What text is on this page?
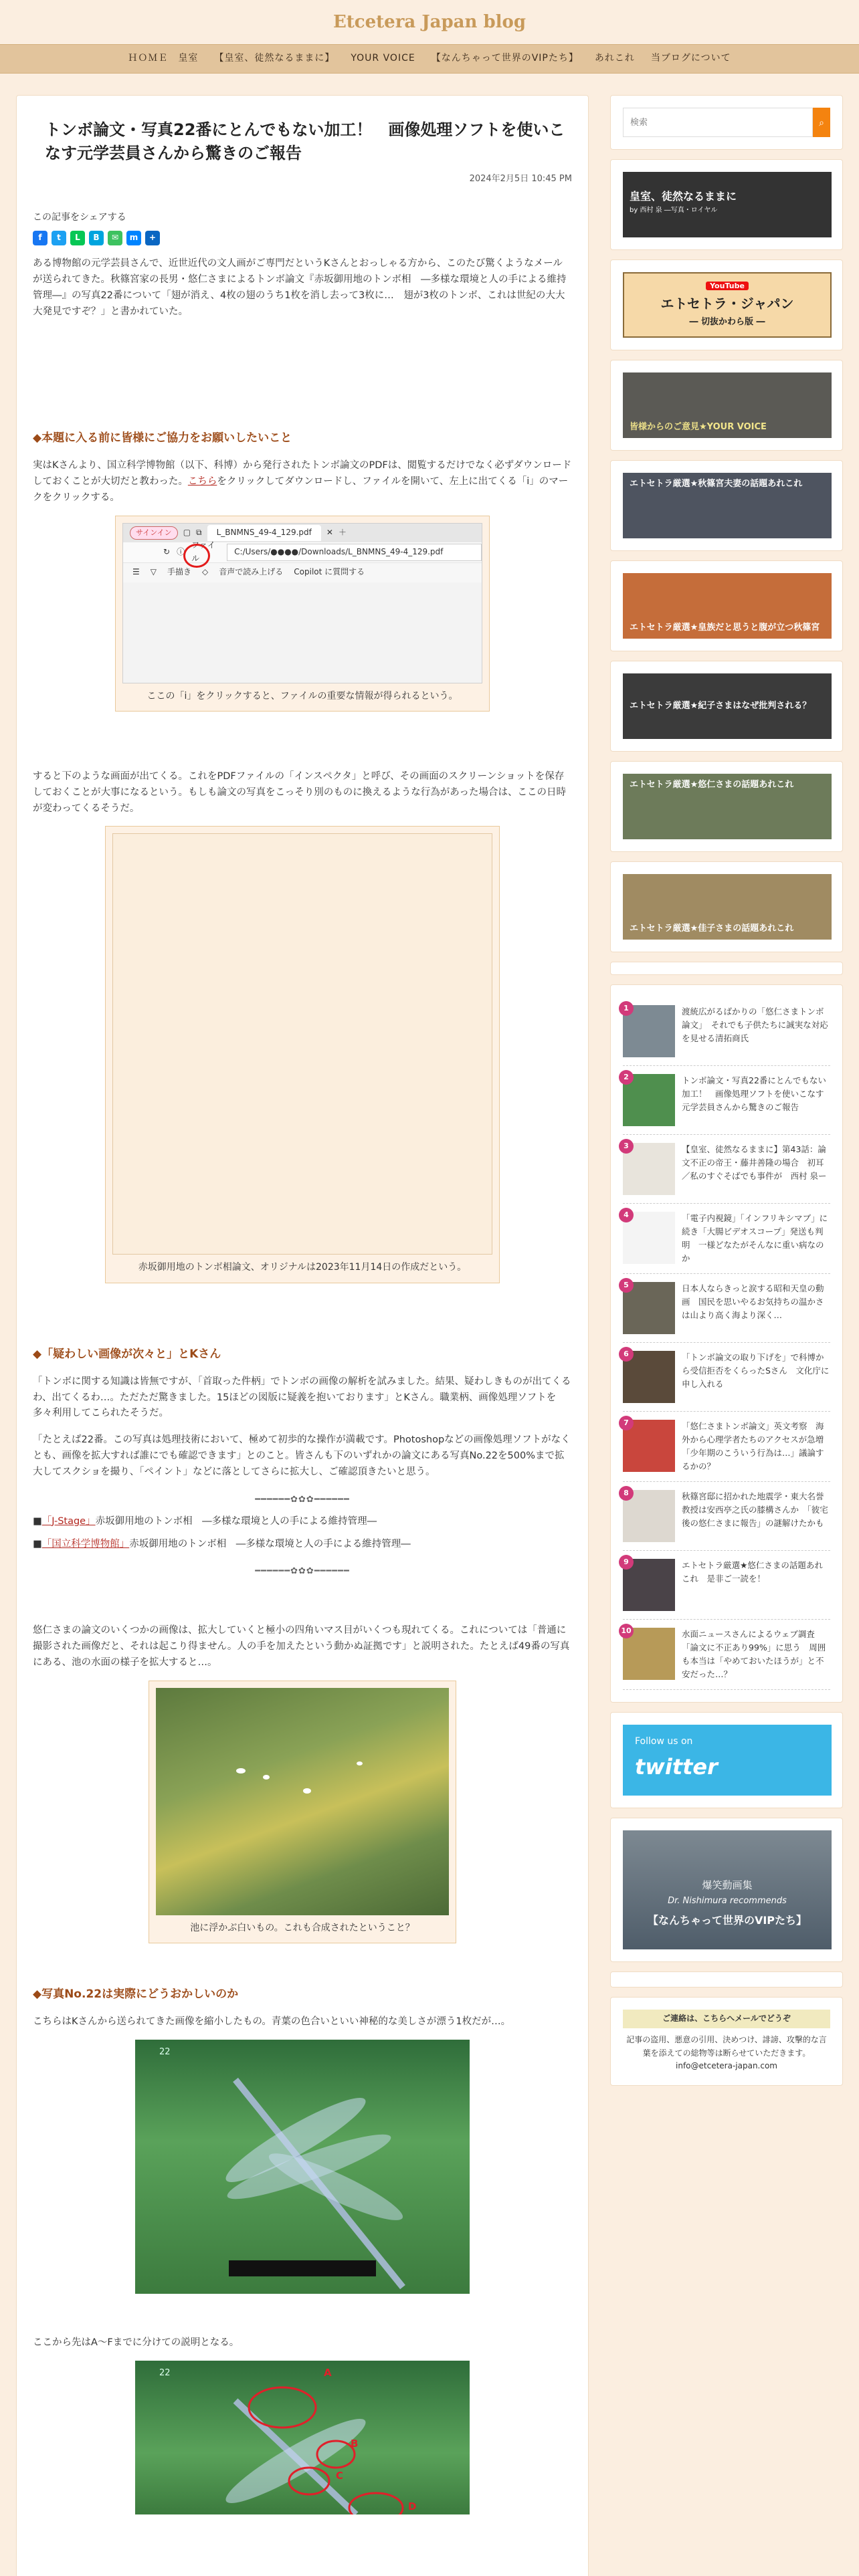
Etcetera Japan blog
ＨＯＭＥ　皇室	【皇室、徒然なるままに】	YOUR VOICE	【なんちゃって世界のVIPたち】	あれこれ	当ブログについて
トンボ論文・写真22番にとんでもない加工！　画像処理ソフトを使いこなす元学芸員さんから驚きのご報告
2024年2月5日 10:45 PM
この記事をシェアする
f	t	L	B	✉	m	+

ある博物館の元学芸員さんで、近世近代の文人画がご専門だというKさんとおっしゃる方から、このたび驚くようなメールが送られてきた。秋篠宮家の長男・悠仁さまによるトンボ論文『赤坂御用地のトンボ相　―多様な環境と人の手による維持管理―』の写真22番について「翅が消え、4枚の翅のうち1枚を消し去って3枚に…　翅が3枚のトンボ、これは世紀の大大大発見ですぞ？」と書かれていた。

◆本題に入る前に皆様にご協力をお願いしたいこと

実はKさんより、国立科学博物館（以下、科博）から発行されたトンボ論文のPDFは、閲覧するだけでなく必ずダウンロードしておくことが大切だと教わった。こちらをクリックしてダウンロードし、ファイルを開いて、左上に出てくる「i」のマークをクリックする。

サインイン	▢ ⧉	L_BNMNS_49-4_129.pdf	✕ ＋
↻ ⓘ
ファイル
C:/Users/●●●●/Downloads/L_BNMNS_49-4_129.pdf
☰ ▽ 手描き ◇ 音声で読み上げる Copilot に質問する
ここの「i」をクリックすると、ファイルの重要な情報が得られるという。

すると下のような画面が出てくる。これをPDFファイルの「インスペクタ」と呼び、その画面のスクリーンショットを保存しておくことが大事になるという。もしも論文の写真をこっそり別のものに換えるような行為があった場合は、ここの日時が変わってくるそうだ。

赤坂御用地のトンボ相論文、オリジナルは2023年11月14日の作成だという。
◆「疑わしい画像が次々と」とKさん

「トンボに関する知識は皆無ですが、「首取った件柄」でトンボの画像の解析を試みました。結果、疑わしきものが出てくるわ、出てくるわ…。ただただ驚きました。15ほどの図版に疑義を抱いております」とKさん。職業柄、画像処理ソフトを多々利用してこられたそうだ。

「たとえば22番。この写真は処理技術において、極めて初歩的な操作が満載です。Photoshopなどの画像処理ソフトがなくとも、画像を拡大すれば誰にでも確認できます」とのこと。皆さんも下のいずれかの論文にある写真No.22を500%まで拡大してスクショを撮り、「ペイント」などに落としてさらに拡大し、ご確認頂きたいと思う。

━━━━━━✿✿✿━━━━━━
■「J-Stage」赤坂御用地のトンボ相　―多様な環境と人の手による維持管理―
■「国立科学博物館」赤坂御用地のトンボ相　―多様な環境と人の手による維持管理―
━━━━━━✿✿✿━━━━━━

悠仁さまの論文のいくつかの画像は、拡大していくと極小の四角いマス目がいくつも現れてくる。これについては「普通に撮影された画像だと、それは起こり得ません。人の手を加えたという動かぬ証拠です」と説明された。たとえば49番の写真にある、池の水面の様子を拡大すると…。

池に浮かぶ白いもの。これも合成されたということ？
◆写真No.22は実際にどうおかしいのか

こちらはKさんから送られてきた画像を縮小したもの。青葉の色合いといい神秘的な美しさが漂う1枚だが…。

22

ここから先はA～Fまでに分けての説明となる。

22	A
B
C
D
検索
⌕
皇室、徒然なるままに
by 西村 泉 ―写真・ロイヤル
YouTube
エトセトラ・ジャパン
― 切抜かわら版 ―
皆様からのご意見★YOUR VOICE
エトセトラ厳選★秋篠宮夫妻の話題あれこれ
エトセトラ厳選★皇族だと思うと腹が立つ秋篠宮
エトセトラ厳選★紀子さまはなぜ批判される？
エトセトラ厳選★悠仁さまの話題あれこれ
エトセトラ厳選★佳子さまの話題あれこれ
1	渡統広がるばかりの「悠仁さまトンボ論文」　それでも子供たちに誠実な対応を見せる清拓商氏
2	トンボ論文・写真22番にとんでもない加工！　画像処理ソフトを使いこなす元学芸員さんから驚きのご報告
3	【皇室、徒然なるままに】第43話：論文不正の帝王・藤井善隆の場合　初耳／私のすぐそばでも事件が　西村 泉ー
4	「電子内視鏡」「インフリキシマブ」に続き「大腸ビデオスコープ」発送も判明　一様どなたがそんなに重い病なのか
5	日本人ならきっと涙する昭和天皇の動画　国民を思いやるお気持ちの温かさは山より高く海より深く…
6	「トンボ論文の取り下げを」で科博から受信拒否をくらったSさん　文化庁に申し入れる
7	「悠仁さまトンボ論文」英文考察　海外から心理学者たちのアクセスが急増　「少年期のこういう行為は…」議論するかの？
8	秋篠宮邸に招かれた地震学・東大名誉教授は安西亭之氏の膝構さんか　「彼宅後の悠仁さまに報告」の謎解けたかも
9	エトセトラ厳選★悠仁さまの話題あれこれ　是非ご一読を！
10	水面ニュースさんによるウェブ調査「論文に不正あり99%」に思う　周囲も本当は「やめておいたほうが」と不安だった…？
Follow us on
twitter
爆笑動画集
Dr. Nishimura recommends
【なんちゃって世界のVIPたち】
ご連絡は、こちらへメールでどうぞ
記事の盗用、悪意の引用、決めつけ、誹謗、攻撃的な言葉を添えての総物等は断らせていただきます。
info@etcetera-japan.com
